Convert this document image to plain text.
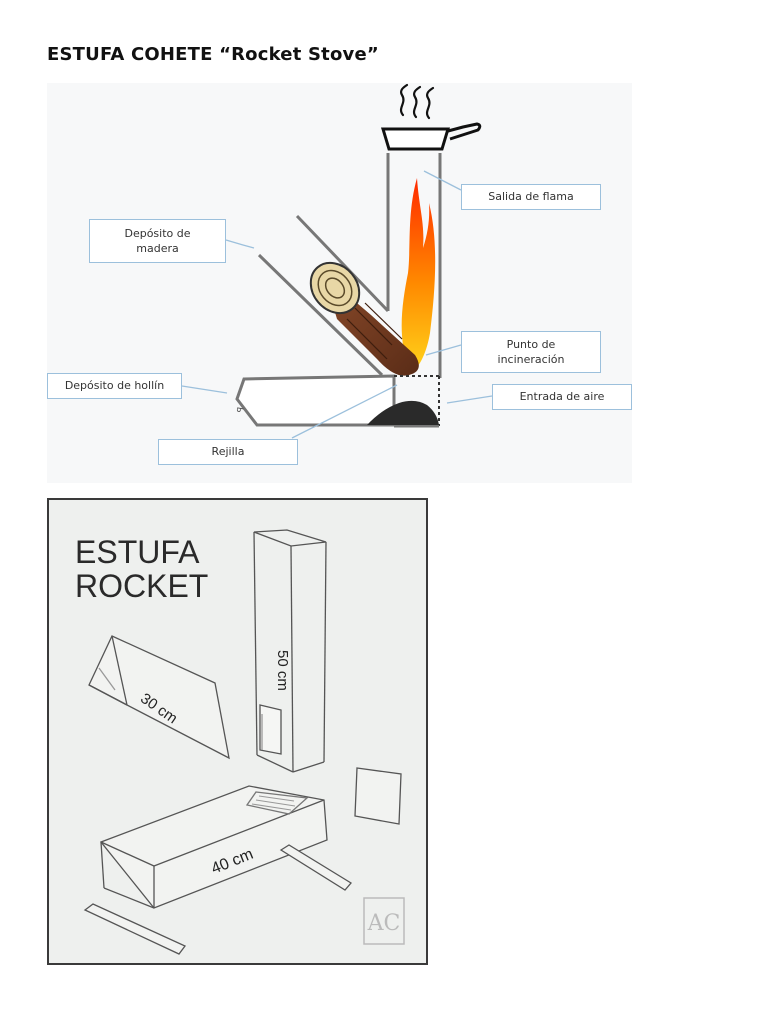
ESTUFA COHETE “Rocket Stove”
ꟼ
Salida de flama
Depósito de
madera
Punto de
incineración
Depósito de hollín
Entrada de aire
Rejilla
ESTUFA
ROCKET
AC
50 cm
30 cm
40 cm
